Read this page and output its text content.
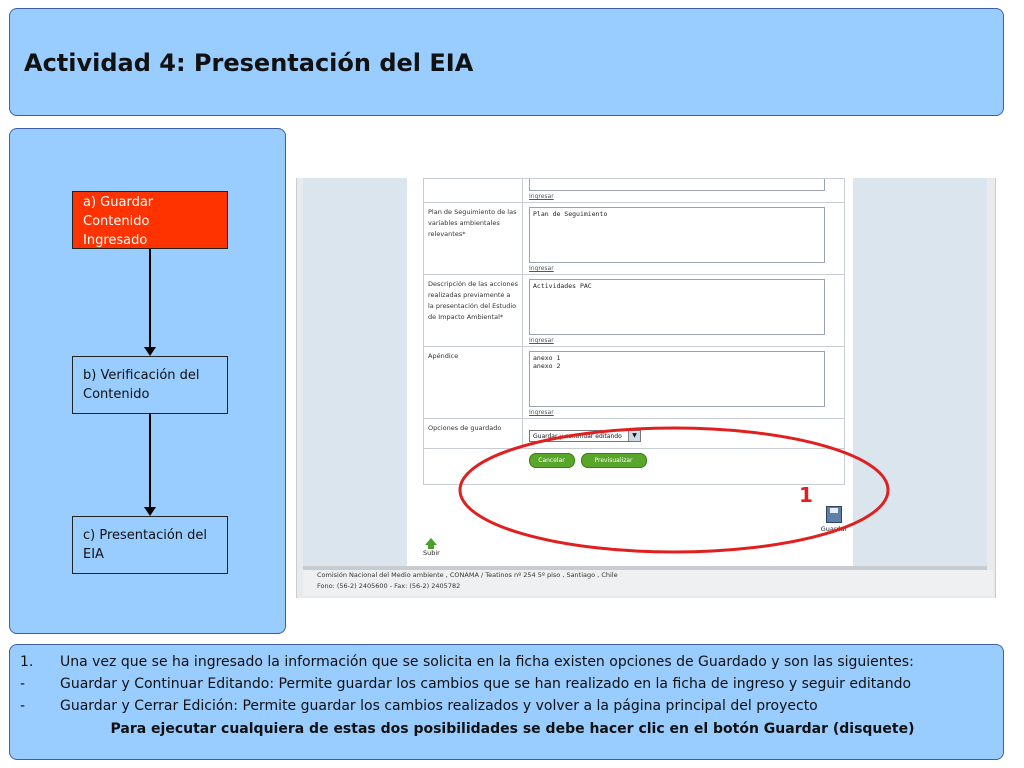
Actividad 4: Presentación del EIA
a) Guardar Contenido Ingresado
b) Verificación del Contenido
c) Presentación del EIA

	Ingresar

Plan de Seguimiento de las variables ambientales relevantes*	Plan de Seguimiento
Ingresar

Descripción de las acciones realizadas previamente a la presentación del Estudio de Impacto Ambiental*	Actividades PAC
Ingresar

Apéndice	anexo 1
anexo 2
Ingresar

Opciones de guardado	Guardar y continuar editando ▼

	Cancelar Previsualizar
Subir
Guardar
Comisión Nacional del Medio ambiente , CONAMA / Teatinos nº 254 5º piso , Santiago , Chile
Fono: (56-2) 2405600 - Fax: (56-2) 2405782
1
1. Una vez que se ha ingresado la información que se solicita en la ficha existen opciones de Guardado y son las siguientes:
- Guardar y Continuar Editando: Permite guardar los cambios que se han realizado en la ficha de ingreso y seguir editando
- Guardar y Cerrar Edición: Permite guardar los cambios realizados y volver a la página principal del proyecto
Para ejecutar cualquiera de estas dos posibilidades se debe hacer clic en el botón Guardar (disquete)
